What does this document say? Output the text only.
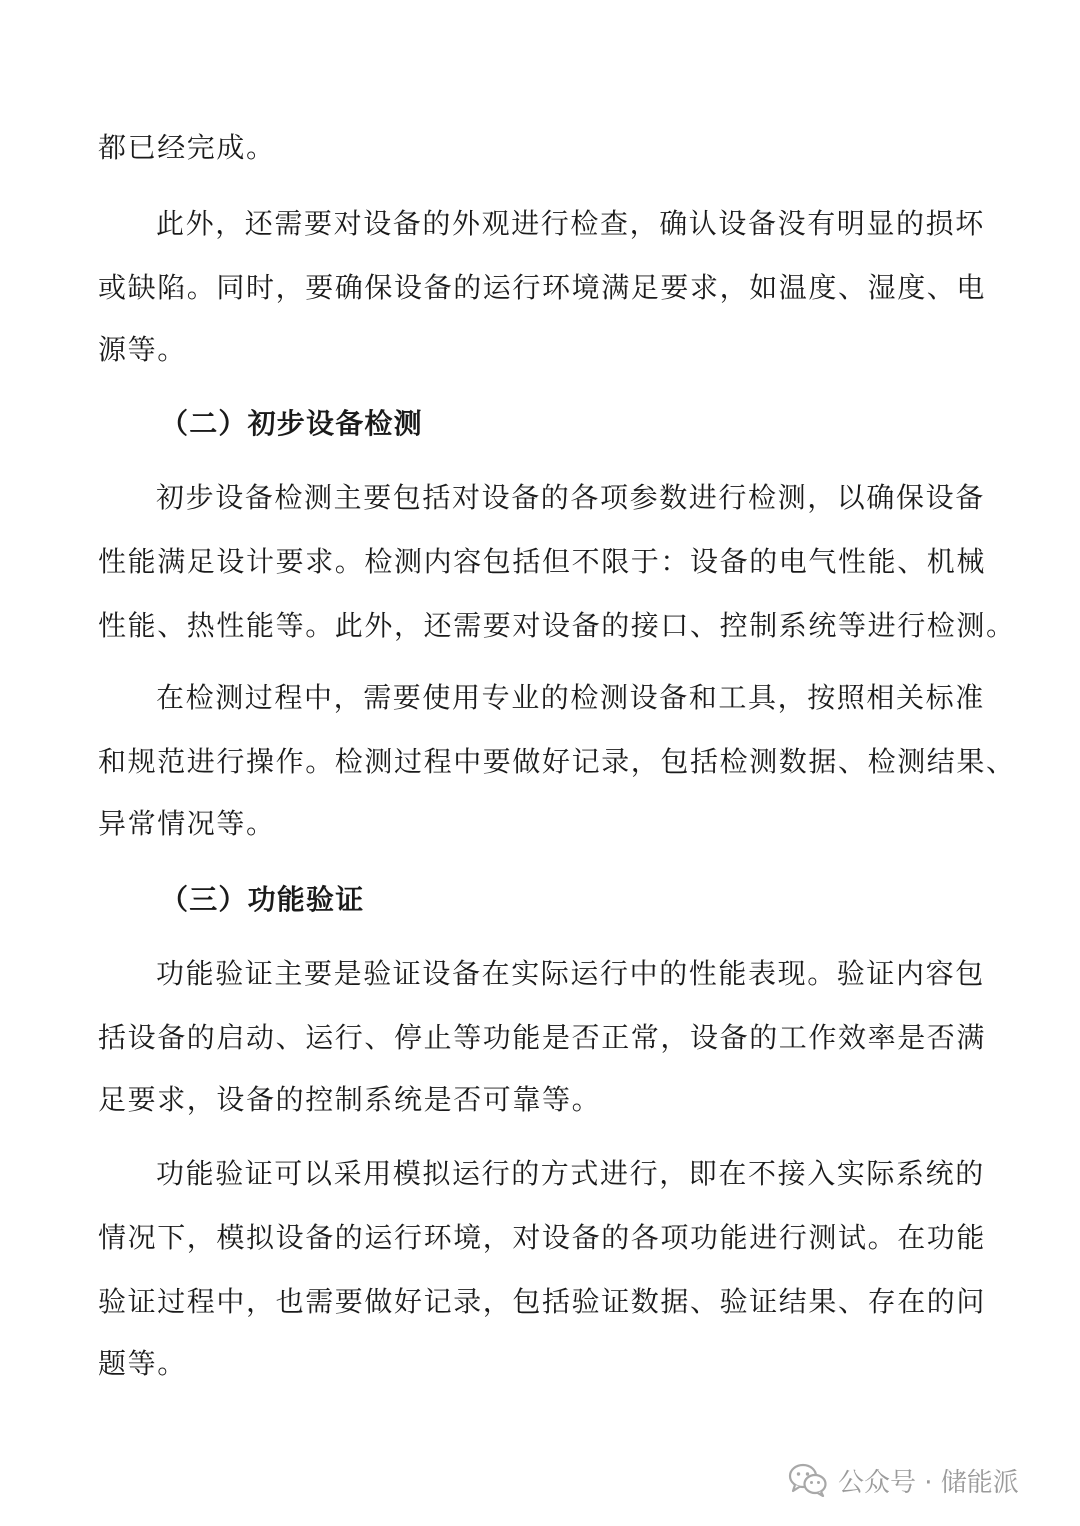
都已经完成。
此外，还需要对设备的外观进行检查，确认设备没有明显的损坏
或缺陷。同时，要确保设备的运行环境满足要求，如温度、湿度、电
源等。
（二）初步设备检测
初步设备检测主要包括对设备的各项参数进行检测，以确保设备
性能满足设计要求。检测内容包括但不限于：设备的电气性能、机械
性能、热性能等。此外，还需要对设备的接口、控制系统等进行检测。
在检测过程中，需要使用专业的检测设备和工具，按照相关标准
和规范进行操作。检测过程中要做好记录，包括检测数据、检测结果、
异常情况等。
（三）功能验证
功能验证主要是验证设备在实际运行中的性能表现。验证内容包
括设备的启动、运行、停止等功能是否正常，设备的工作效率是否满
足要求，设备的控制系统是否可靠等。
功能验证可以采用模拟运行的方式进行，即在不接入实际系统的
情况下，模拟设备的运行环境，对设备的各项功能进行测试。在功能
验证过程中，也需要做好记录，包括验证数据、验证结果、存在的问
题等。
公众号 · 储能派
